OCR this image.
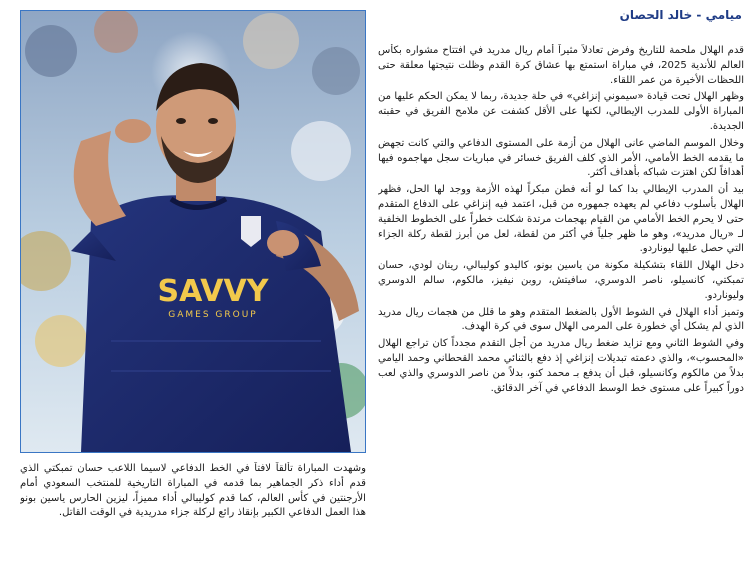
SAVVY
GAMES GROUP
ميامي - خالد الحصان

قدم الهلال ملحمة للتاريخ وفرض تعادلاً مثيراً أمام ريال مدريد في افتتاح مشواره بكأس العالم للأندية 2025، في مباراة استمتع بها عشاق كرة القدم وظلت نتيجتها معلقة حتى اللحظات الأخيرة من عمر اللقاء.

وظهر الهلال تحت قيادة «سيموني إنزاغي» في حلة جديدة، ربما لا يمكن الحكم عليها من المباراة الأولى للمدرب الإيطالي، لكنها على الأقل كشفت عن ملامح الفريق في حقبته الجديدة.

وخلال الموسم الماضي عانى الهلال من أزمة على المستوى الدفاعي والتي كانت تجهض ما يقدمه الخط الأمامي، الأمر الذي كلف الفريق خسائر في مباريات سجل مهاجموه فيها أهدافاً لكن اهتزت شباكه بأهداف أكثر.

بيد أن المدرب الإيطالي بدا كما لو أنه فطن مبكراً لهذه الأزمة ووجد لها الحل، فظهر الهلال بأسلوب دفاعي لم يعهده جمهوره من قبل، اعتمد فيه إنزاغي على الدفاع المتقدم حتى لا يحرم الخط الأمامي من القيام بهجمات مرتدة شكلت خطراً على الخطوط الخلفية لـ «ريال مدريد»، وهو ما ظهر جلياً في أكثر من لقطة، لعل من أبرز لقطة ركلة الجزاء التي حصل عليها ليوناردو.

دخل الهلال اللقاء بتشكيلة مكونة من ياسين بونو، كاليدو كوليبالي، رينان لودي، حسان تمبكتي، كانسيلو، ناصر الدوسري، سافيتش، روبن نيفيز، مالكوم، سالم الدوسري وليوناردو.

وتميز أداء الهلال في الشوط الأول بالضغط المتقدم وهو ما قلل من هجمات ريال مدريد الذي لم يشكل أي خطورة على المرمى الهلال سوى في كرة الهدف.

وفي الشوط الثاني ومع تزايد ضغط ريال مدريد من أجل التقدم مجدداً كان تراجع الهلال «المحسوب»، والذي دعمته تبديلات إنزاغي إذ دفع بالثنائي محمد القحطاني وحمد اليامي بدلاً من مالكوم وكانسيلو، قبل أن يدفع بـ محمد كنو، بدلاً من ناصر الدوسري والذي لعب دوراً كبيراً على مستوى خط الوسط الدفاعي في آخر الدقائق.

وشهدت المباراة تألقاً لافتاً في الخط الدفاعي لاسيما اللاعب حسان تمبكتي الذي قدم أداء ذكر الجماهير بما قدمه في المباراة التاريخية للمنتخب السعودي أمام الأرجنتين في كأس العالم، كما قدم كوليبالي أداء مميزاً، ليزين الحارس ياسين بونو هذا العمل الدفاعي الكبير بإنقاذ رائع لركلة جزاء مدريدية في الوقت القاتل.
